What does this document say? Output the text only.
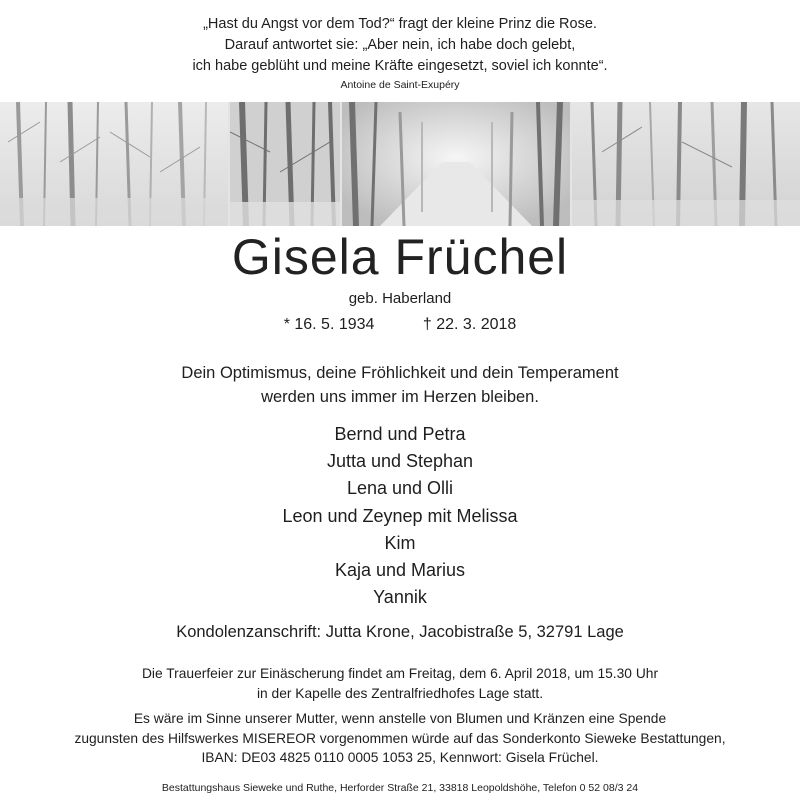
„Hast du Angst vor dem Tod?“ fragt der kleine Prinz die Rose.
Darauf antwortet sie: „Aber nein, ich habe doch gelebt,
ich habe geblüht und meine Kräfte eingesetzt, soviel ich konnte“.
Antoine de Saint-Exupéry
Gisela Früchel
geb. Haberland
* 16. 5. 1934	† 22. 3. 2018
Dein Optimismus, deine Fröhlichkeit und dein Temperament
werden uns immer im Herzen bleiben.
Bernd und Petra
Jutta und Stephan
Lena und Olli
Leon und Zeynep mit Melissa
Kim
Kaja und Marius
Yannik
Kondolenzanschrift: Jutta Krone, Jacobistraße 5, 32791 Lage
Die Trauerfeier zur Einäscherung findet am Freitag, dem 6. April 2018, um 15.30 Uhr
in der Kapelle des Zentralfriedhofes Lage statt.
Es wäre im Sinne unserer Mutter, wenn anstelle von Blumen und Kränzen eine Spende
zugunsten des Hilfswerkes MISEREOR vorgenommen würde auf das Sonderkonto Sieweke Bestattungen,
IBAN: DE03 4825 0110 0005 1053 25, Kennwort: Gisela Früchel.
Bestattungshaus Sieweke und Ruthe, Herforder Straße 21, 33818 Leopoldshöhe, Telefon 0 52 08/3 24
